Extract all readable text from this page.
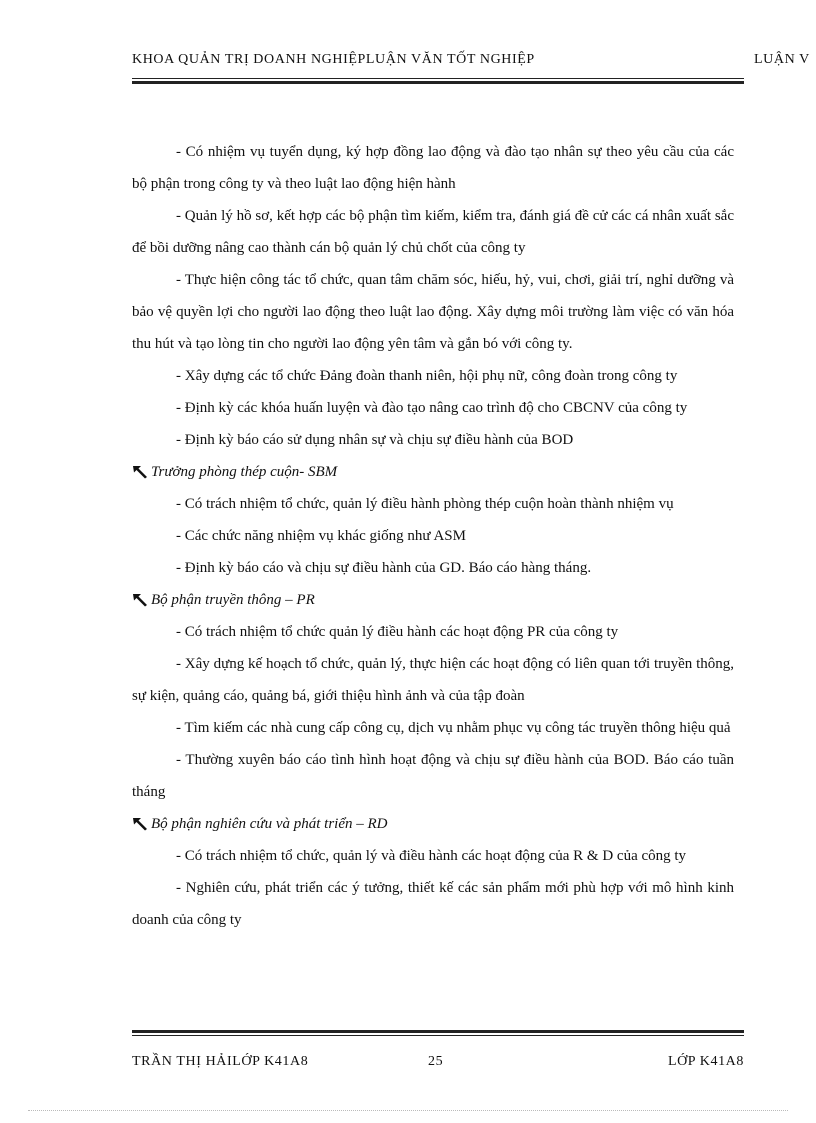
KHOA QUẢN TRỊ DOANH NGHIỆPLUẬN VĂN TỐT NGHIỆP	LUẬN V

- Có nhiệm vụ tuyển dụng, ký hợp đồng lao động và đào tạo nhân sự theo yêu cầu của các bộ phận trong công ty và theo luật lao động hiện hành

- Quản lý hồ sơ, kết hợp các bộ phận tìm kiếm, kiểm tra, đánh giá đề cử các cá nhân xuất sắc để bồi dưỡng nâng cao thành cán bộ quản lý chủ chốt của công ty

- Thực hiện công tác tổ chức, quan tâm chăm sóc, hiếu, hỷ, vui, chơi, giải trí, nghỉ dưỡng và bảo vệ quyền lợi cho người lao động theo luật lao động. Xây dựng môi trường làm việc có văn hóa thu hút và tạo lòng tin cho người lao động yên tâm và gắn bó với công ty.

- Xây dựng các tổ chức Đảng đoàn thanh niên, hội phụ nữ, công đoàn trong công ty

- Định kỳ các khóa huấn luyện và đào tạo nâng cao trình độ cho CBCNV của công ty

- Định kỳ báo cáo sử dụng nhân sự và chịu sự điều hành của BOD

Trưởng phòng thép cuộn- SBM

- Có trách nhiệm tổ chức, quản lý điều hành phòng thép cuộn hoàn thành nhiệm vụ

- Các chức năng nhiệm vụ khác giống như ASM

- Định kỳ báo cáo và chịu sự điều hành của GD. Báo cáo hàng tháng.

Bộ phận truyền thông – PR

- Có trách nhiệm tổ chức quản lý điều hành các hoạt động PR của công ty

- Xây dựng kế hoạch tổ chức, quản lý, thực hiện các hoạt động có liên quan tới truyền thông, sự kiện, quảng cáo, quảng bá, giới thiệu hình ảnh và của tập đoàn

- Tìm kiếm các nhà cung cấp công cụ, dịch vụ nhằm phục vụ công tác truyền thông hiệu quả

- Thường xuyên báo cáo tình hình hoạt động và chịu sự điều hành của BOD. Báo cáo tuần tháng

Bộ phận nghiên cứu và phát triển – RD

- Có trách nhiệm tổ chức, quản lý và điều hành các hoạt động của R & D của công ty

- Nghiên cứu, phát triển các ý tưởng, thiết kế các sản phẩm mới phù hợp với mô hình kinh doanh của công ty

TRẦN THỊ HẢILỚP K41A8	25	LỚP K41A8
